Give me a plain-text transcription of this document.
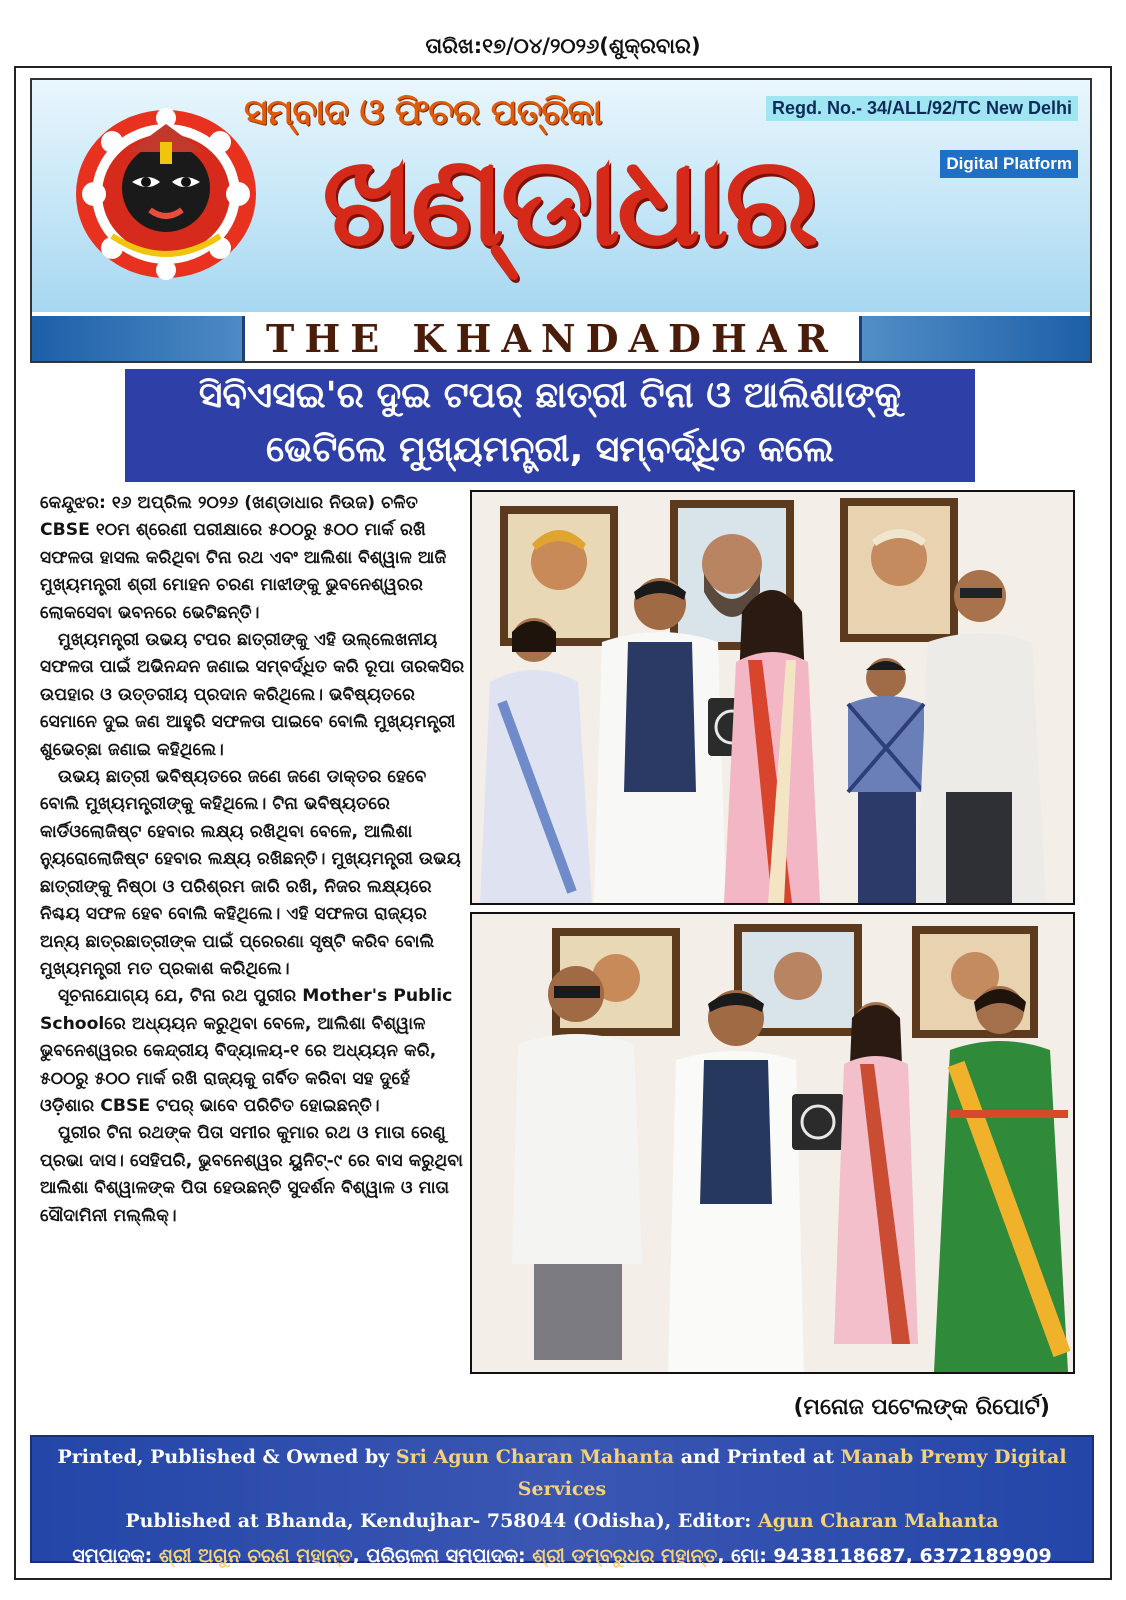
ତାରିଖ:୧୭/୦୪/୨୦୨୬(ଶୁକ୍ରବାର)
ସମ୍ବାଦ ଓ ଫିଚର ପତ୍ରିକା
ଖଣ୍ଡାଧାର
Regd. No.- 34/ALL/92/TC New Delhi
Digital Platform
THE KHANDADHAR
ସିବିଏସଇ'ର ଦୁଇ ଟପର୍ ଛାତ୍ରୀ ଟିନା ଓ ଆଲିଶାଙ୍କୁ
ଭେଟିଲେ ମୁଖ୍ୟମନ୍ତ୍ରୀ, ସମ୍ବର୍ଦ୍ଧିତ କଲେ

କେନ୍ଦୁଝର: ୧୬ ଅପ୍ରିଲ ୨୦୨୬ (ଖଣ୍ଡାଧାର ନିଉଜ) ଚଳିତ CBSE ୧୦ମ ଶ୍ରେଣୀ ପରୀକ୍ଷାରେ ୫୦୦ରୁ ୫୦୦ ମାର୍କ ରଖି ସଫଳତା ହାସଲ କରିଥିବା ଟିନା ରଥ ଏବଂ ଆଲିଶା ବିଶ୍ୱାଳ ଆଜି ମୁଖ୍ୟମନ୍ତ୍ରୀ ଶ୍ରୀ ମୋହନ ଚରଣ ମାଝୀଙ୍କୁ ଭୁବନେଶ୍ୱରର ଲୋକସେବା ଭବନରେ ଭେଟିଛନ୍ତି।

ମୁଖ୍ୟମନ୍ତ୍ରୀ ଉଭୟ ଟପର ଛାତ୍ରୀଙ୍କୁ ଏହି ଉଲ୍ଲେଖନୀୟ ସଫଳତା ପାଇଁ ଅଭିନନ୍ଦନ ଜଣାଇ ସମ୍ବର୍ଦ୍ଧିତ କରି ରୂପା ତାରକସିର ଉପହାର ଓ ଉତ୍ତରୀୟ ପ୍ରଦାନ କରିଥିଲେ। ଭବିଷ୍ୟତରେ ସେମାନେ ଦୁଇ ଜଣ ଆହୁରି ସଫଳତା ପାଇବେ ବୋଲି ମୁଖ୍ୟମନ୍ତ୍ରୀ ଶୁଭେଚ୍ଛା ଜଣାଇ କହିଥିଲେ।

ଉଭୟ ଛାତ୍ରୀ ଭବିଷ୍ୟତରେ ଜଣେ ଜଣେ ଡାକ୍ତର ହେବେ ବୋଲି ମୁଖ୍ୟମନ୍ତ୍ରୀଙ୍କୁ କହିଥିଲେ। ଟିନା ଭବିଷ୍ୟତରେ କାର୍ଡିଓଲୋଜିଷ୍ଟ ହେବାର ଲକ୍ଷ୍ୟ ରଖିଥିବା ବେଳେ, ଆଲିଶା ନ୍ୟୁରୋଲୋଜିଷ୍ଟ ହେବାର ଲକ୍ଷ୍ୟ ରଖିଛନ୍ତି। ମୁଖ୍ୟମନ୍ତ୍ରୀ ଉଭୟ ଛାତ୍ରୀଙ୍କୁ ନିଷ୍ଠା ଓ ପରିଶ୍ରମ ଜାରି ରଖି, ନିଜର ଲକ୍ଷ୍ୟରେ ନିଶ୍ଚୟ ସଫଳ ହେବ ବୋଲି କହିଥିଲେ। ଏହି ସଫଳତା ରାଜ୍ୟର ଅନ୍ୟ ଛାତ୍ରଛାତ୍ରୀଙ୍କ ପାଇଁ ପ୍ରେରଣା ସୃଷ୍ଟି କରିବ ବୋଲି ମୁଖ୍ୟମନ୍ତ୍ରୀ ମତ ପ୍ରକାଶ କରିଥିଲେ।

ସୂଚନାଯୋଗ୍ୟ ଯେ, ଟିନା ରଥ ପୁରୀର Mother's Public Schoolରେ ଅଧ୍ୟୟନ କରୁଥିବା ବେଳେ, ଆଲିଶା ବିଶ୍ୱାଳ ଭୁବନେଶ୍ୱରର କେନ୍ଦ୍ରୀୟ ବିଦ୍ୟାଳୟ-୧ ରେ ଅଧ୍ୟୟନ କରି, ୫୦୦ରୁ ୫୦୦ ମାର୍କ ରଖି ରାଜ୍ୟକୁ ଗର୍ବିତ କରିବା ସହ ଦୁହେଁ ଓଡ଼ିଶାର CBSE ଟପର୍ ଭାବେ ପରିଚିତ ହୋଇଛନ୍ତି।

ପୁରୀର ଟିନା ରଥଙ୍କ ପିତା ସମୀର କୁମାର ରଥ ଓ ମାତା ରେଣୁ ପ୍ରଭା ଦାସ। ସେହିପରି, ଭୁବନେଶ୍ୱର ୟୁନିଟ୍-୯ ରେ ବାସ କରୁଥିବା ଆଲିଶା ବିଶ୍ୱାଳଙ୍କ ପିତା ହେଉଛନ୍ତି ସୁଦର୍ଶନ ବିଶ୍ୱାଳ ଓ ମାତା ସୌଦାମିନୀ ମଲ୍ଲିକ୍।

(ମନୋଜ ପଟେଲଙ୍କ ରିପୋର୍ଟ)
Printed, Published & Owned by Sri Agun Charan Mahanta and Printed at Manab Premy Digital Services
Published at Bhanda, Kendujhar- 758044 (Odisha), Editor: Agun Charan Mahanta
ସମ୍ପାଦକ: ଶ୍ରୀ ଅଗୁନ ଚରଣ ମହାନ୍ତ, ପରିଚାଳନା ସମ୍ପାଦକ: ଶ୍ରୀ ଡମ୍ବରୁଧର ମହାନ୍ତ, ମୋ: 9438118687, 6372189909
